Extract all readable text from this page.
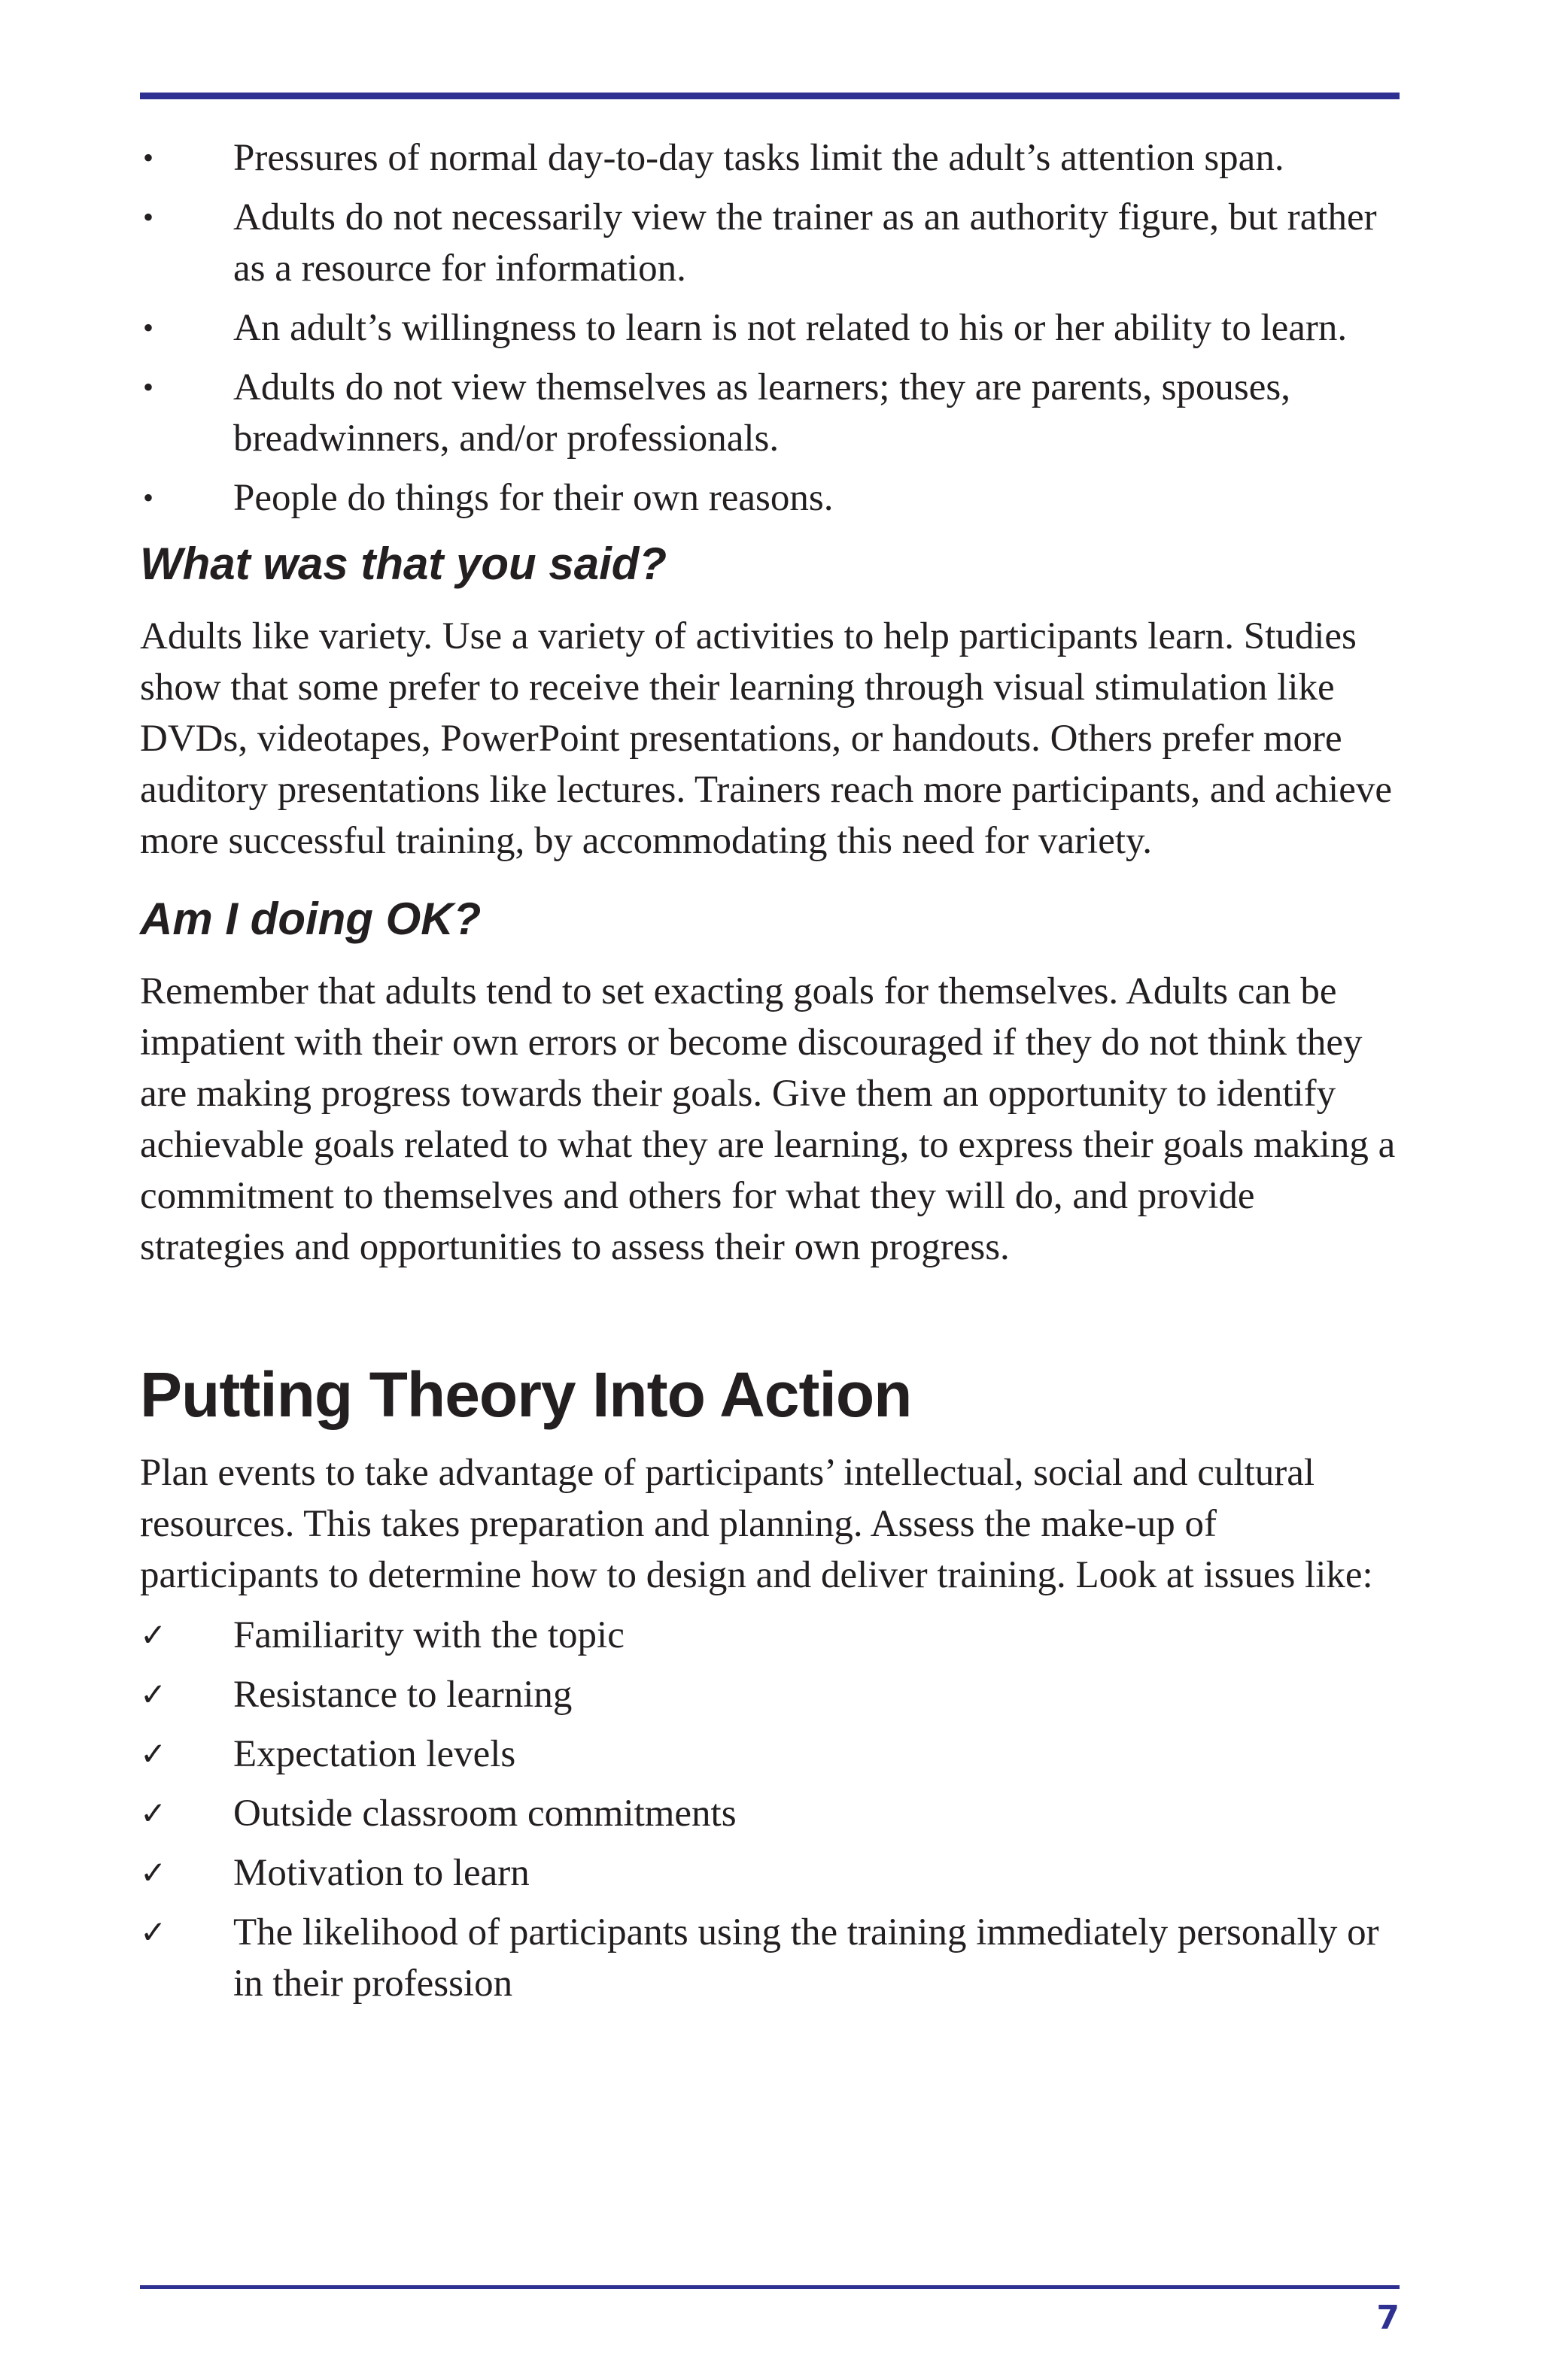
• Pressures of normal day-to-day tasks limit the adult’s attention span.
• Adults do not necessarily view the trainer as an authority figure, but rather as a resource for information.
• An adult’s willingness to learn is not related to his or her ability to learn.
• Adults do not view themselves as learners; they are parents, spouses, breadwinners, and/or professionals.
• People do things for their own reasons.
What was that you said?

Adults like variety. Use a variety of activities to help participants learn. Studies show that some prefer to receive their learning through visual stimulation like DVDs, videotapes, PowerPoint presentations, or handouts. Others prefer more auditory presentations like lectures. Trainers reach more participants, and achieve more successful training, by accommodating this need for variety.

Am I doing OK?

Remember that adults tend to set exacting goals for themselves. Adults can be impatient with their own errors or become discouraged if they do not think they are making progress towards their goals. Give them an opportunity to identify achievable goals related to what they are learning, to express their goals making a commitment to themselves and others for what they will do, and provide strategies and opportunities to assess their own progress.

Putting Theory Into Action

Plan events to take advantage of participants’ intellectual, social and cultural resources. This takes preparation and planning. Assess the make-up of participants to determine how to design and deliver training. Look at issues like:

✓ Familiarity with the topic
✓ Resistance to learning
✓ Expectation levels
✓ Outside classroom commitments
✓ Motivation to learn
✓ The likelihood of participants using the training immediately personally or in their profession
7
